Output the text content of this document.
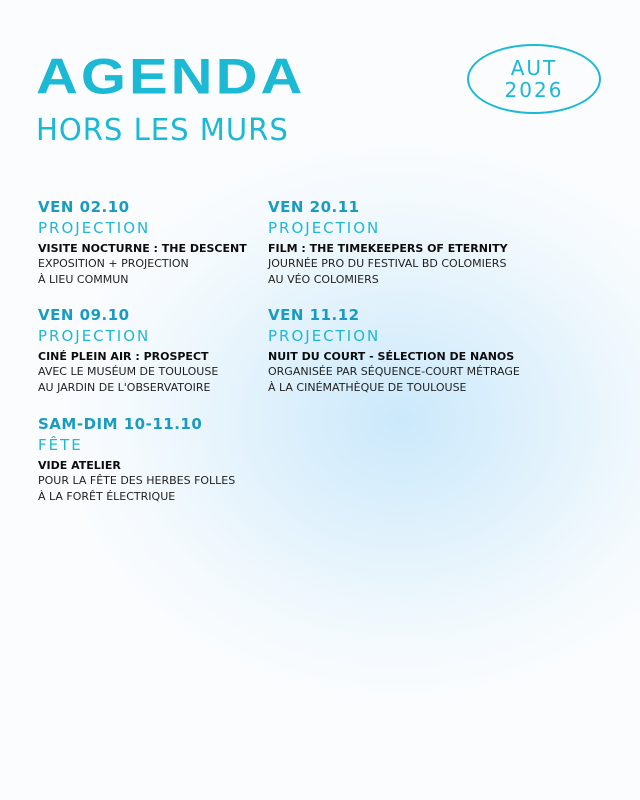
AGENDA
HORS LES MURS
AUT
2026
VEN 02.10
PROJECTION
VISITE NOCTURNE : THE DESCENT
EXPOSITION + PROJECTION
À LIEU COMMUN
VEN 20.11
PROJECTION
FILM : THE TIMEKEEPERS OF ETERNITY
JOURNÉE PRO DU FESTIVAL BD COLOMIERS
AU VÉO COLOMIERS
VEN 09.10
PROJECTION
CINÉ PLEIN AIR : PROSPECT
AVEC LE MUSÉUM DE TOULOUSE
AU JARDIN DE L'OBSERVATOIRE
VEN 11.12
PROJECTION
NUIT DU COURT - SÉLECTION DE NANOS
ORGANISÉE PAR SÉQUENCE-COURT MÉTRAGE
À LA CINÉMATHÈQUE DE TOULOUSE
SAM-DIM 10-11.10
FÊTE
VIDE ATELIER
POUR LA FÊTE DES HERBES FOLLES
À LA FORÊT ÉLECTRIQUE
